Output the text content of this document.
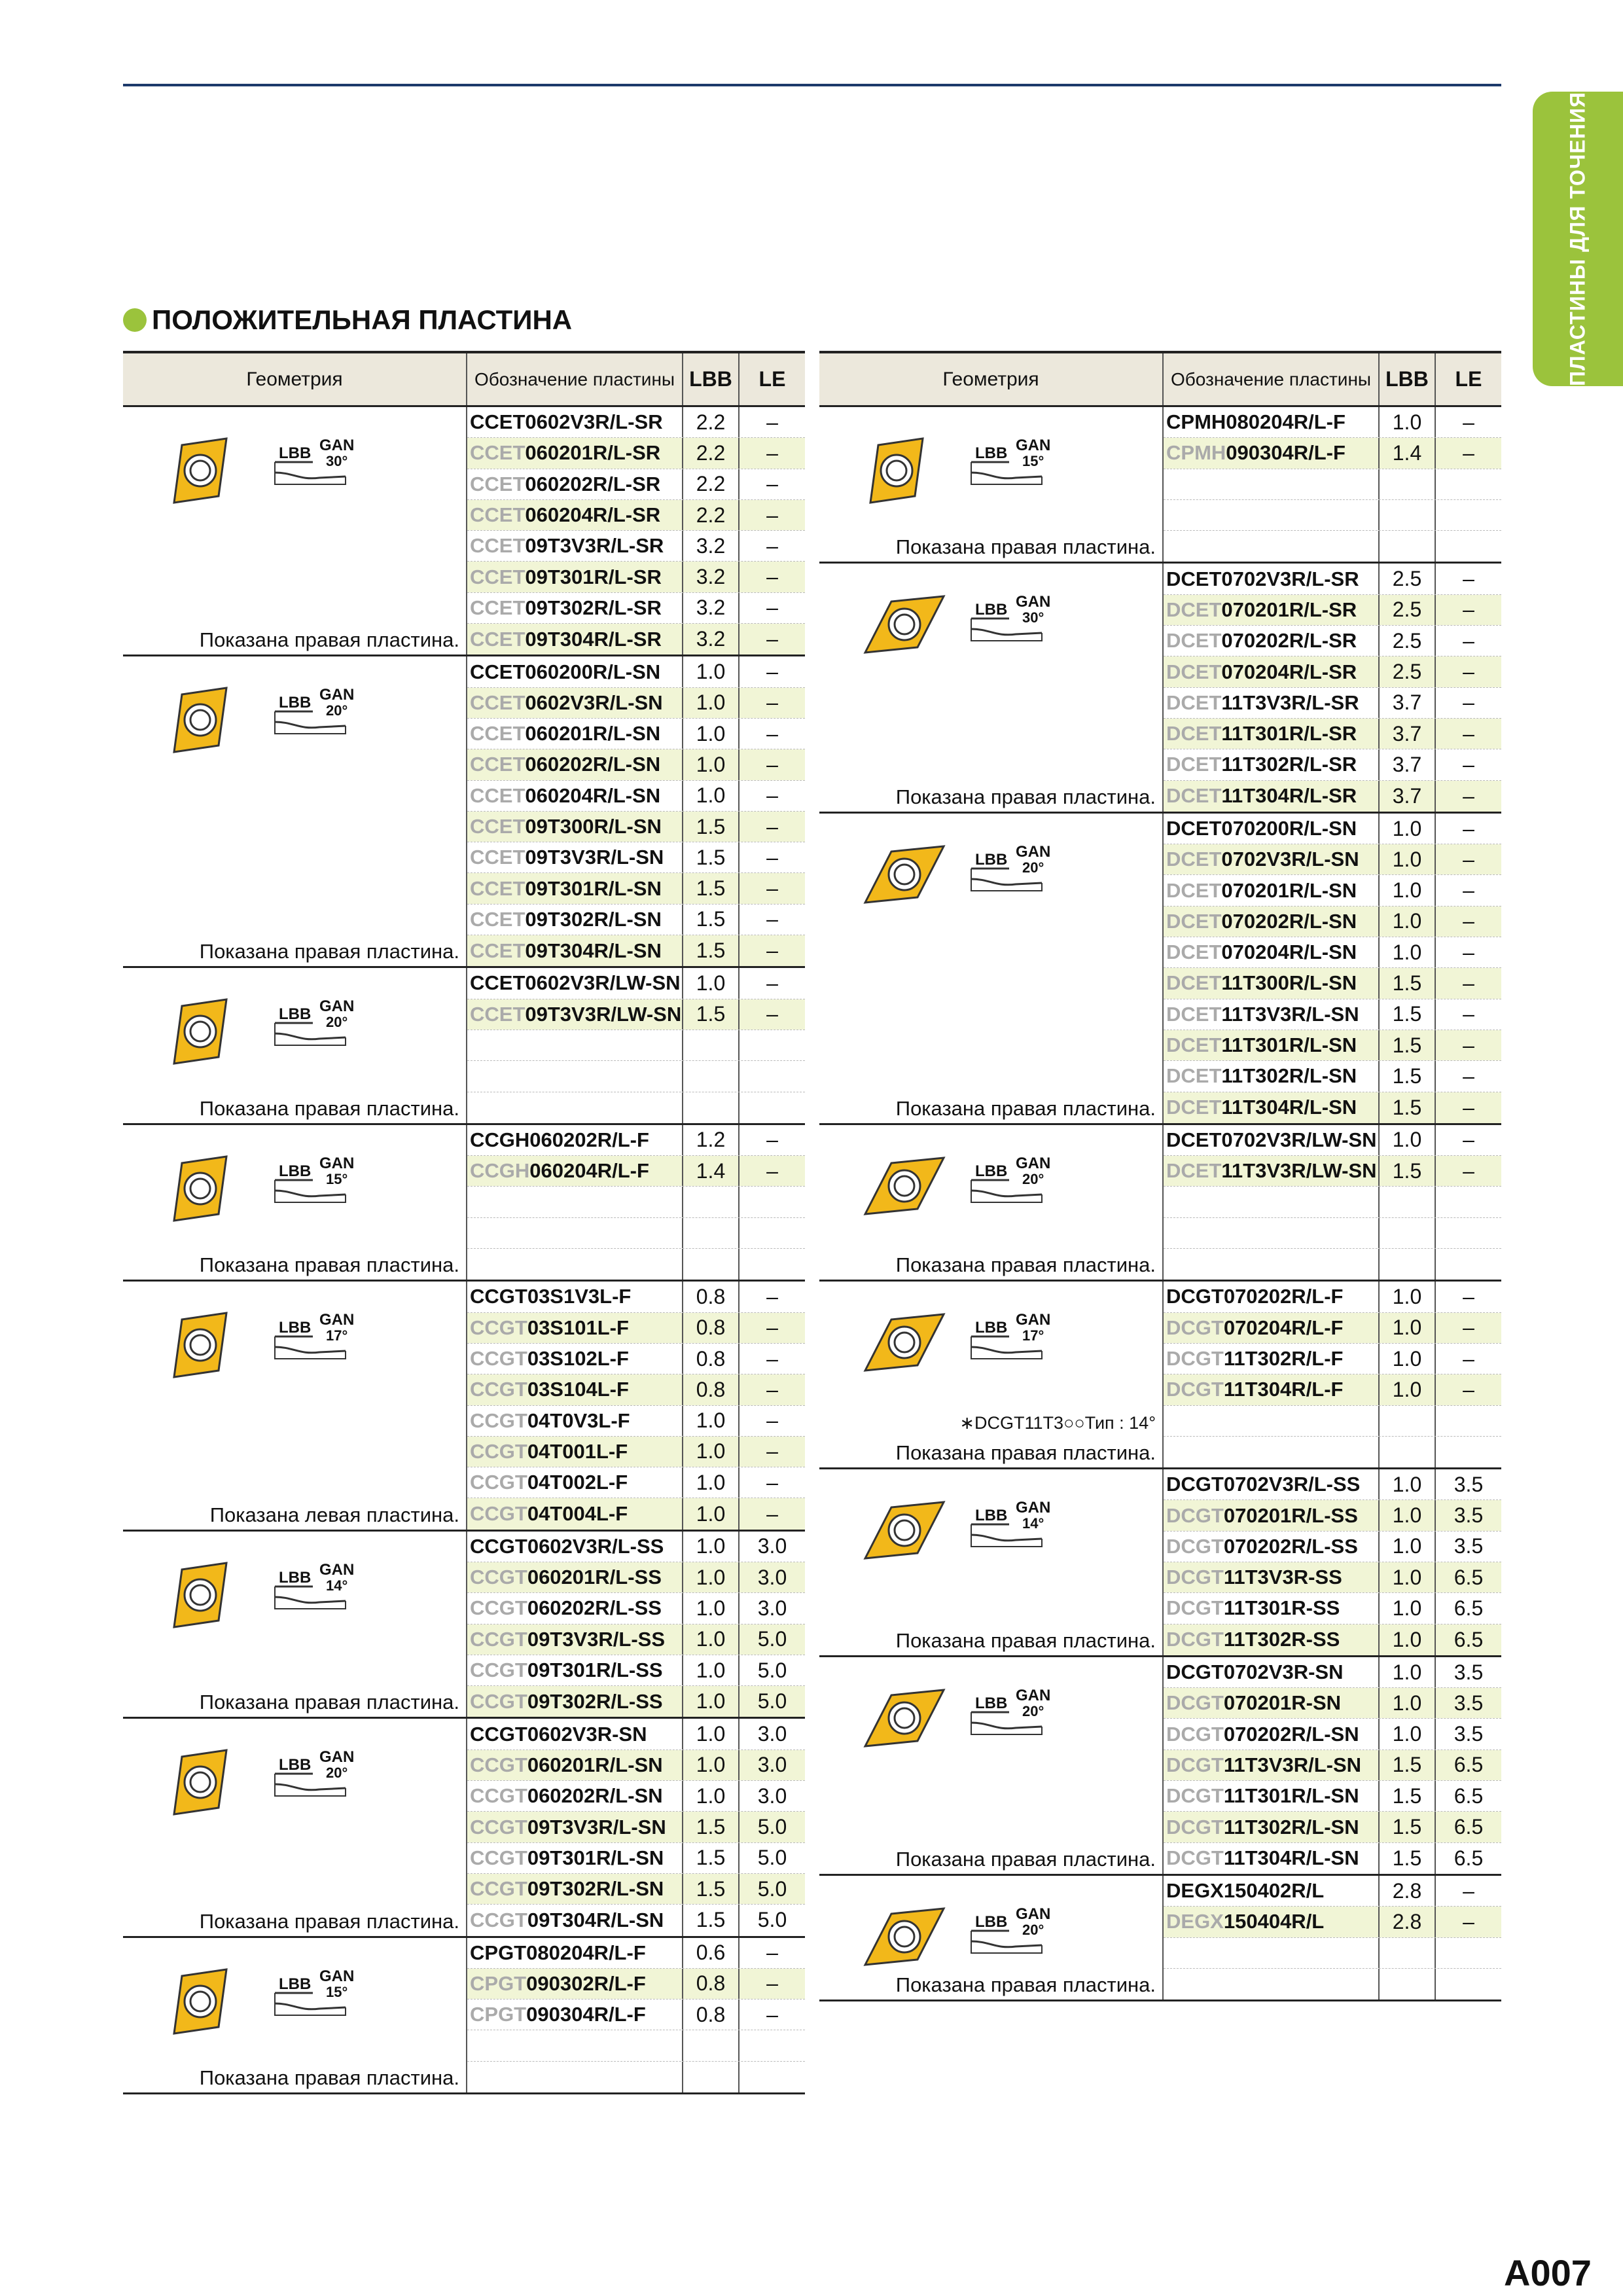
ПЛАСТИНЫ ДЛЯ ТОЧЕНИЯ
ПОЛОЖИТЕЛЬНАЯ ПЛАСТИНА
Геометрия	Обозначение пластины LBB	LE
LBB GAN
30°
Показана правая пластина.
CCET0602V3R/L-SR	2.2	–
CCET 060201R/L-SR	2.2	–
CCET 060202R/L-SR	2.2	–
CCET 060204R/L-SR	2.2	–
CCET 09T3V3R/L-SR	3.2	–
CCET 09T301R/L-SR	3.2	–
CCET 09T302R/L-SR	3.2	–
CCET 09T304R/L-SR	3.2	–
LBB GAN
20°
Показана правая пластина.
CCET060200R/L-SN	1.0	–
CCET 0602V3R/L-SN	1.0	–
CCET 060201R/L-SN	1.0	–
CCET 060202R/L-SN	1.0	–
CCET 060204R/L-SN	1.0	–
CCET 09T300R/L-SN	1.5	–
CCET 09T3V3R/L-SN	1.5	–
CCET 09T301R/L-SN	1.5	–
CCET 09T302R/L-SN	1.5	–
CCET 09T304R/L-SN	1.5	–
LBB GAN
20°
Показана правая пластина.
CCET0602V3R/LW-SN 1.0	–
CCET 09T3V3R/LW-SN 1.5	–
LBB GAN
15°
Показана правая пластина.
CCGH060202R/L-F	1.2	–
CCGH 060204R/L-F	1.4	–
LBB GAN
17°
Показана левая пластина.
CCGT03S1V3L-F	0.8	–
CCGT 03S101L-F	0.8	–
CCGT 03S102L-F	0.8	–
CCGT 03S104L-F	0.8	–
CCGT 04T0V3L-F	1.0	–
CCGT 04T001L-F	1.0	–
CCGT 04T002L-F	1.0	–
CCGT 04T004L-F	1.0	–
LBB GAN
14°
Показана правая пластина.
CCGT0602V3R/L-SS	1.0	3.0
CCGT 060201R/L-SS	1.0	3.0
CCGT 060202R/L-SS	1.0	3.0
CCGT 09T3V3R/L-SS	1.0	5.0
CCGT 09T301R/L-SS	1.0	5.0
CCGT 09T302R/L-SS	1.0	5.0
LBB GAN
20°
Показана правая пластина.
CCGT0602V3R-SN	1.0	3.0
CCGT 060201R/L-SN	1.0	3.0
CCGT 060202R/L-SN	1.0	3.0
CCGT 09T3V3R/L-SN	1.5	5.0
CCGT 09T301R/L-SN	1.5	5.0
CCGT 09T302R/L-SN	1.5	5.0
CCGT 09T304R/L-SN	1.5	5.0
LBB GAN
15°
Показана правая пластина.
CPGT080204R/L-F	0.6	–
CPGT 090302R/L-F	0.8	–
CPGT 090304R/L-F	0.8	–
Геометрия	Обозначение пластины LBB	LE
LBB GAN
15°
Показана правая пластина.
CPMH080204R/L-F	1.0	–
CPMH 090304R/L-F	1.4	–
LBB GAN
30°
Показана правая пластина.
DCET0702V3R/L-SR	2.5	–
DCET 070201R/L-SR	2.5	–
DCET 070202R/L-SR	2.5	–
DCET 070204R/L-SR	2.5	–
DCET 11T3V3R/L-SR	3.7	–
DCET 11T301R/L-SR	3.7	–
DCET 11T302R/L-SR	3.7	–
DCET 11T304R/L-SR	3.7	–
LBB GAN
20°
Показана правая пластина.
DCET070200R/L-SN	1.0	–
DCET 0702V3R/L-SN	1.0	–
DCET 070201R/L-SN	1.0	–
DCET 070202R/L-SN	1.0	–
DCET 070204R/L-SN	1.0	–
DCET 11T300R/L-SN	1.5	–
DCET 11T3V3R/L-SN	1.5	–
DCET 11T301R/L-SN	1.5	–
DCET 11T302R/L-SN	1.5	–
DCET 11T304R/L-SN	1.5	–
LBB GAN
20°
Показана правая пластина.
DCET0702V3R/LW-SN 1.0	–
DCET 11T3V3R/LW-SN 1.5	–
LBB GAN
17°
∗DCGT11T3○○Тип : 14°
Показана правая пластина.
DCGT070202R/L-F	1.0	–
DCGT 070204R/L-F	1.0	–
DCGT 11T302R/L-F	1.0	–
DCGT 11T304R/L-F	1.0	–
LBB GAN
14°
Показана правая пластина.
DCGT0702V3R/L-SS	1.0	3.5
DCGT 070201R/L-SS	1.0	3.5
DCGT 070202R/L-SS	1.0	3.5
DCGT 11T3V3R-SS	1.0	6.5
DCGT 11T301R-SS	1.0	6.5
DCGT 11T302R-SS	1.0	6.5
LBB GAN
20°
Показана правая пластина.
DCGT0702V3R-SN	1.0	3.5
DCGT 070201R-SN	1.0	3.5
DCGT 070202R/L-SN	1.0	3.5
DCGT 11T3V3R/L-SN	1.5	6.5
DCGT 11T301R/L-SN	1.5	6.5
DCGT 11T302R/L-SN	1.5	6.5
DCGT 11T304R/L-SN	1.5	6.5
LBB GAN
20°
Показана правая пластина.
DEGX150402R/L	2.8	–
DEGX 150404R/L	2.8	–
A007
